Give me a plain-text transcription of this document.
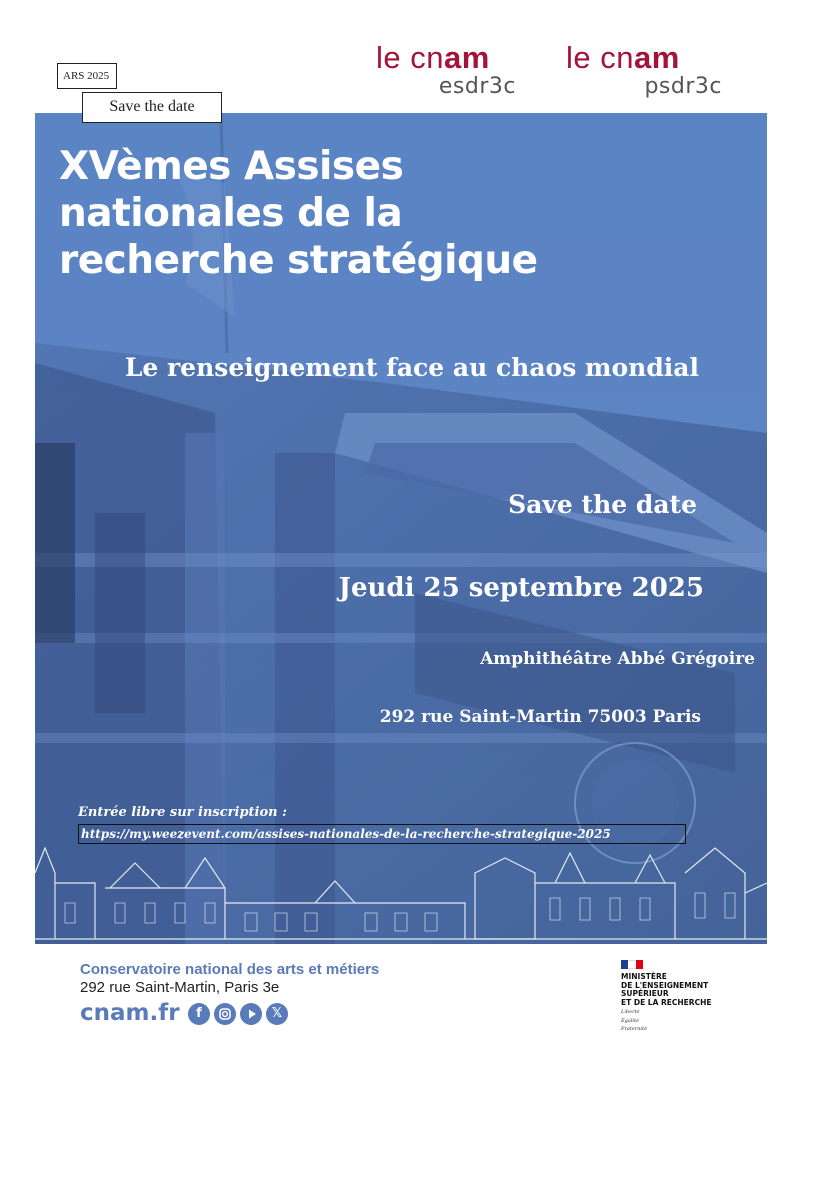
ARS 2025
Save the date
le cnam
esdr3c
le cnam
psdr3c
XVèmes Assises
nationales de la
recherche stratégique
Le renseignement face au chaos mondial
Save the date
Jeudi 25 septembre 2025
Amphithéâtre Abbé Grégoire
292 rue Saint-Martin 75003 Paris
Entrée libre sur inscription :
https://my.weezevent.com/assises-nationales-de-la-recherche-strategique-2025
Conservatoire national des arts et métiers
292 rue Saint-Martin, Paris 3e
cnam.fr	f	𝕏
MINISTÈRE
DE L'ENSEIGNEMENT
SUPÉRIEUR
ET DE LA RECHERCHE
Liberté
Égalité
Fraternité
